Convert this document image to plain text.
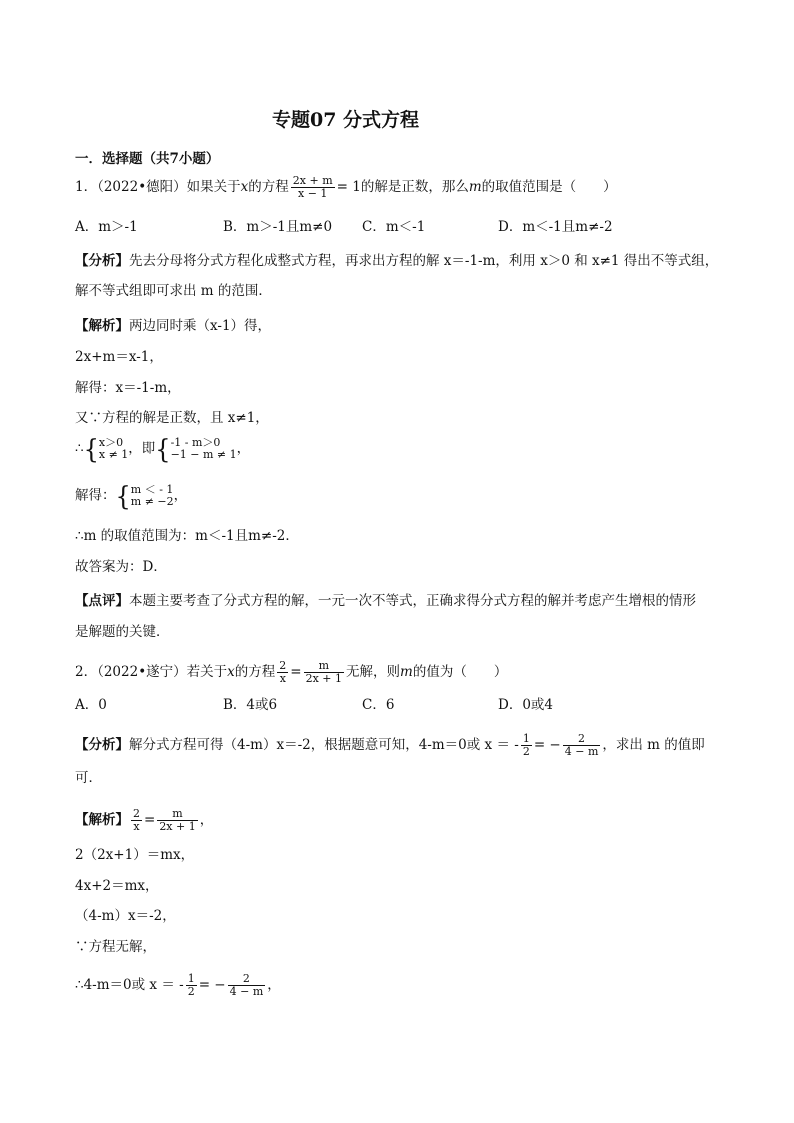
专题07 分式方程
一．选择题（共7小题）
1．（2022•德阳）如果关于x的方程 $\frac{2x + m}{x - 1} = 1$的解是正数，那么m的取值范围是（　　）
A．m＞-1	B．m＞-1且m≠0 C．m＜-1	D．m＜-1且m≠-2
【分析】先去分母将分式方程化成整式方程，再求出方程的解 x＝-1-m，利用 x＞0 和 x≠1 得出不等式组，
解不等式组即可求出 m 的范围．
【解析】两边同时乘（x-1）得，
2x+m＝x-1，
解得：x＝-1-m，
又∵方程的解是正数，且 x≠1，
∴{ x＞0
x ≠ 1 ，即{ -1 - m＞0
−1 − m ≠ 1 ，
解得：{ m ＜ - 1
m ≠ −2 ，
∴m 的取值范围为：m＜-1且m≠-2．
故答案为：D．
【点评】本题主要考查了分式方程的解，一元一次不等式，正确求得分式方程的解并考虑产生增根的情形
是解题的关键．
2．（2022•遂宁）若关于x的方程 $\frac{2}{x} = \frac{m}{2x + 1}$ 无解，则m的值为（　　）
A．0	B．4或6	C．6	D．0或4
【分析】解分式方程可得（4-m）x＝-2，根据题意可知，4-m＝0或 x ＝ - $\frac{1}{2}$ = − $\frac{2}{4 - m}$ ，求出 m 的值即
可．
【解析】 $\frac{2}{x} = \frac{m}{2x + 1}$ ，
2（2x+1）＝mx，
4x+2＝mx，
（4-m）x＝-2，
∵方程无解，
∴4-m＝0或 x ＝ - $\frac{1}{2}$ = − $\frac{2}{4 - m}$ ，
